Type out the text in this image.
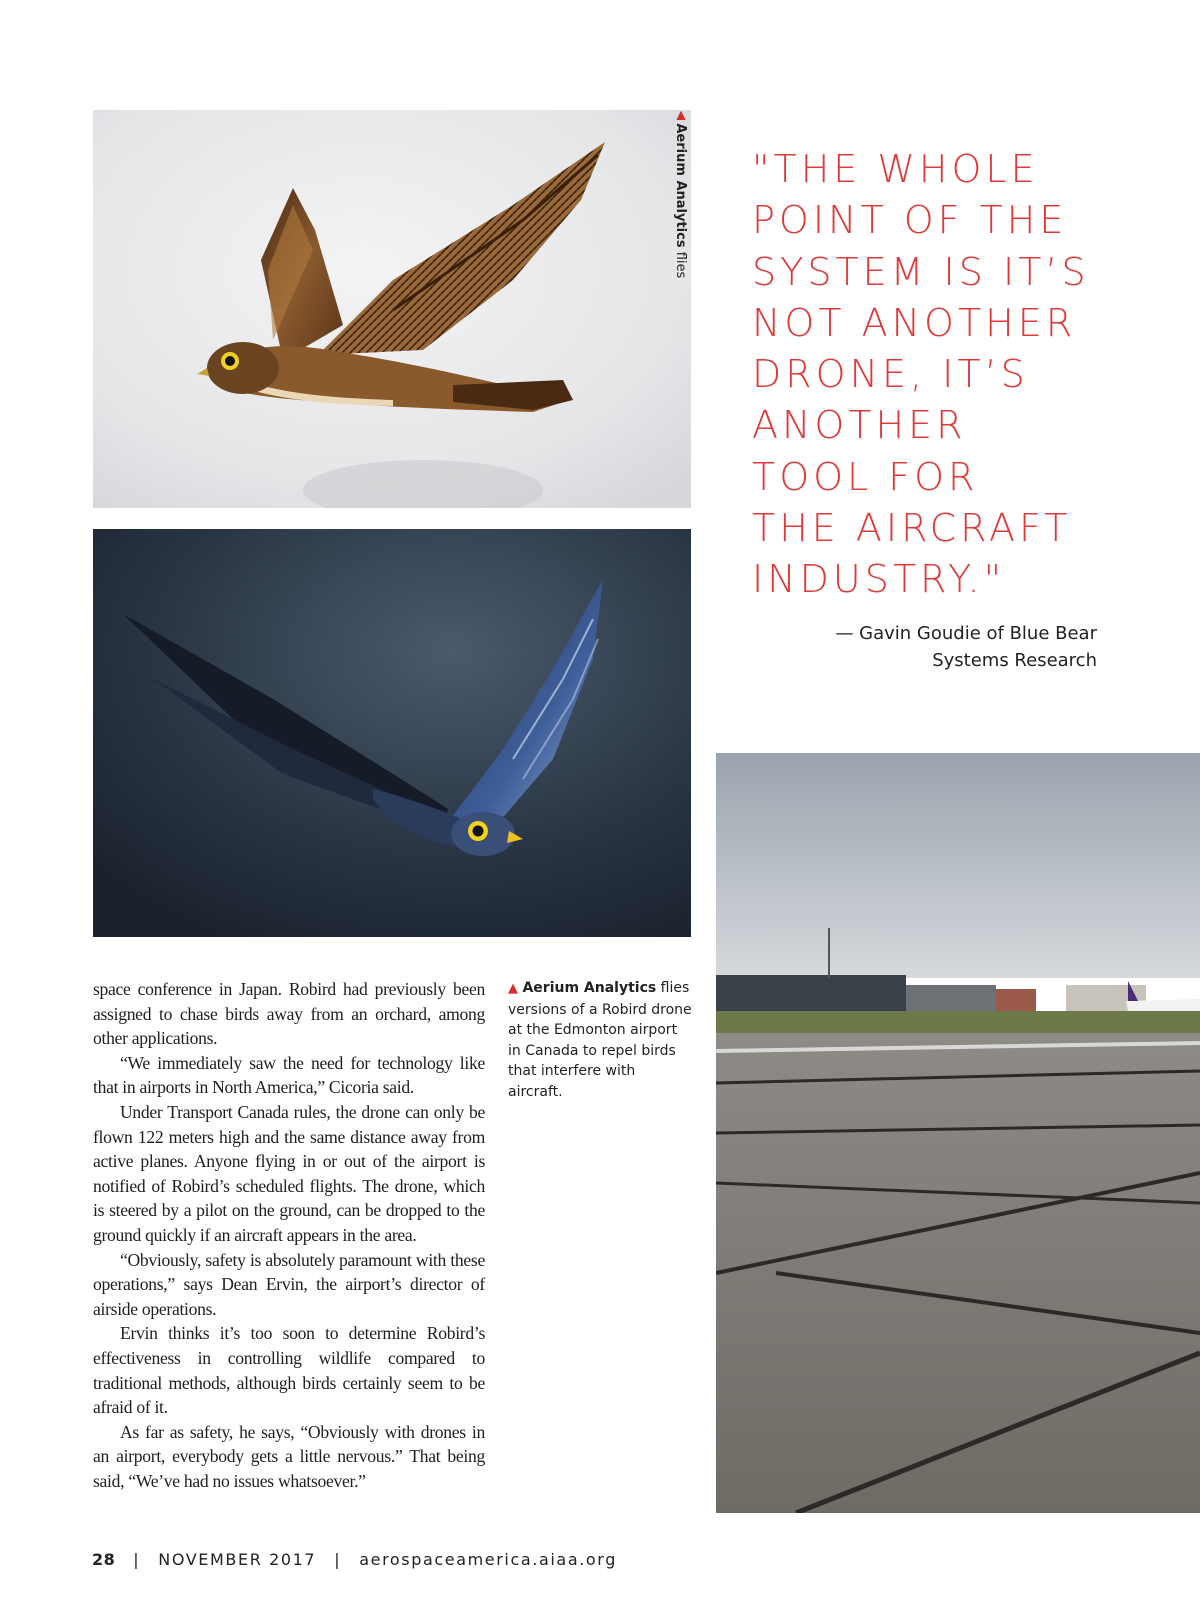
▲ Aerium Analytics flies
"THE WHOLE
POINT OF THE
SYSTEM IS IT’S
NOT ANOTHER
DRONE, IT’S
ANOTHER
TOOL FOR
THE AIRCRAFT
INDUSTRY."
— Gavin Goudie of Blue Bear
Systems Research

space conference in Japan. Robird had previously been assigned to chase birds away from an orchard, among other applications.

“We immediately saw the need for technology like that in airports in North America,” Cicoria said.

Under Transport Canada rules, the drone can only be flown 122 meters high and the same distance away from active planes. Anyone flying in or out of the airport is notified of Robird’s scheduled flights. The drone, which is steered by a pilot on the ground, can be dropped to the ground quickly if an aircraft appears in the area.

“Obviously, safety is absolutely paramount with these operations,” says Dean Ervin, the airport’s director of airside operations.

Ervin thinks it’s too soon to determine Robird’s effectiveness in controlling wildlife compared to traditional methods, although birds certainly seem to be afraid of it.

As far as safety, he says, “Obviously with drones in an airport, everybody gets a little nervous.” That being said, “We’ve had no issues whatsoever.”

▲ Aerium Analytics flies versions of a Robird drone at the Edmonton airport in Canada to repel birds that interfere with aircraft.
28 | NOVEMBER 2017 | aerospaceamerica.aiaa.org
